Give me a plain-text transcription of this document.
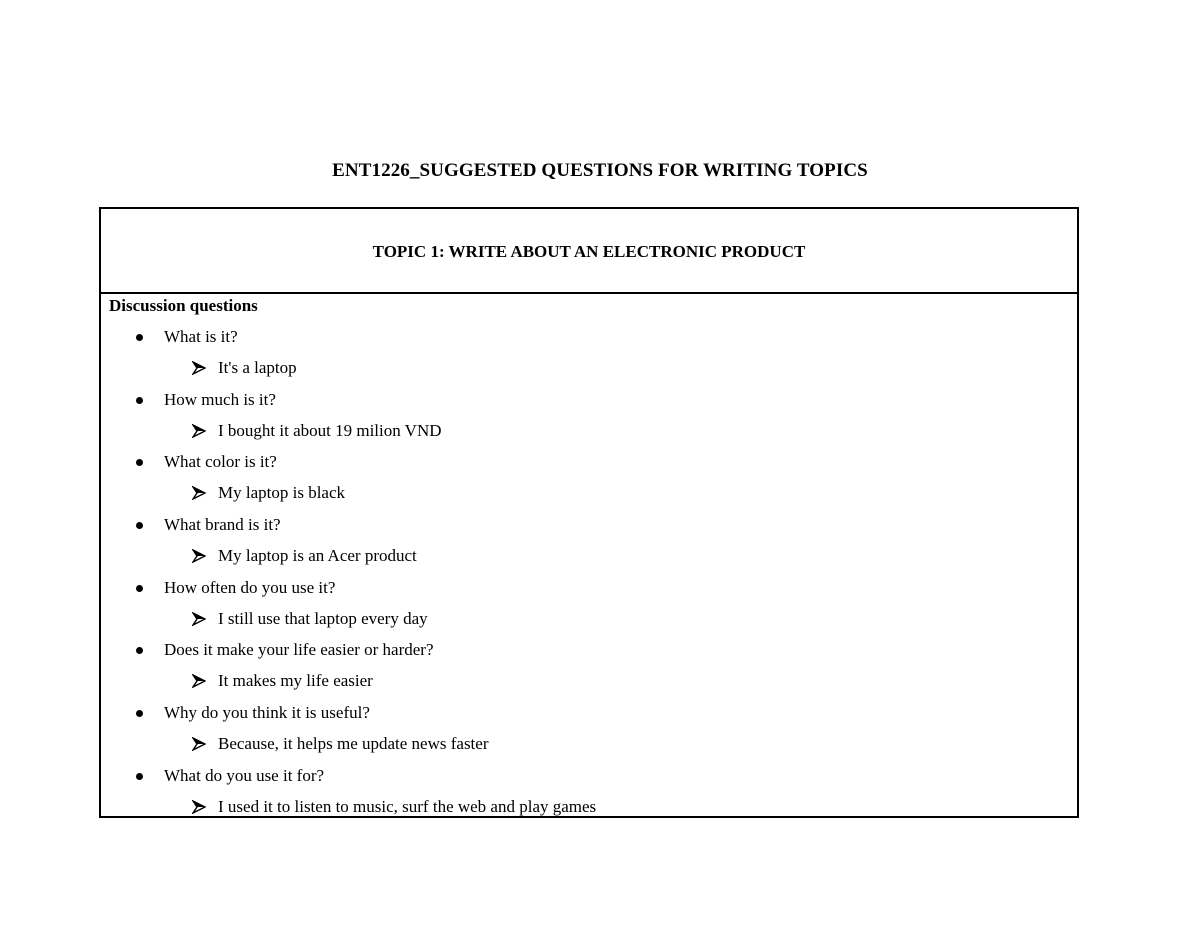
ENT1226_SUGGESTED QUESTIONS FOR WRITING TOPICS
TOPIC 1: WRITE ABOUT AN ELECTRONIC PRODUCT
Discussion questions
What is it?
It's a laptop
How much is it?
I bought it about 19 milion VND
What color is it?
My laptop is black
What brand is it?
My laptop is an Acer product
How often do you use it?
I still use that laptop every day
Does it make your life easier or harder?
It makes my life easier
Why do you think it is useful?
Because, it helps me update news faster
What do you use it for?
I used it to listen to music, surf the web and play games
